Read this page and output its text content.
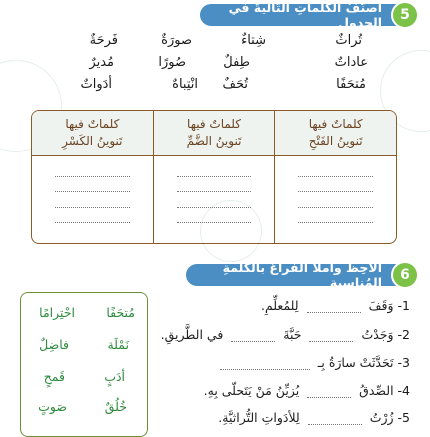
أصنّفُ الكلماتِ التّاليةَ في الجدولِ	5
تُراثٌ
شِتاءٌ
صورَةٌ
فَرحَةٌ
عاداتٌ
طِفلٌ
صُورًا
مُديرٌ
مُتحَفًا
تُحَفٌ
انْتِباهٌ
أدَواتٌ
كلماتٌ فيها
تَنوينُ الفَتْحِ
كلماتٌ فيها
تَنوينُ الضَّمِّ
كلماتٌ فيها
تَنوينُ الكَسْرِ
ألاحِظُ وأملأُ الفَراغَ بالكلمةِ المُناسِبةِ	6
1- وَقَفَ  لِلمُعلِّمِ.
2- وَجَدْتُ  حَبَّةَ  في الطَّريقِ.
3- تَحَدَّثَتْ سارَةُ بِـ
4- الصِّدقُ  يُزيِّنُ مَنْ يَتَحلّى بِهِ.
5- زُرْتُ  لِلأدَواتِ التُّراثيَّةِ.
مُتحَفًا
احْتِرامًا
نَمْلَة
فاضِلٌ
أدَبٍ
قَمحٍ
خُلُقٌ
صَوتٍ
